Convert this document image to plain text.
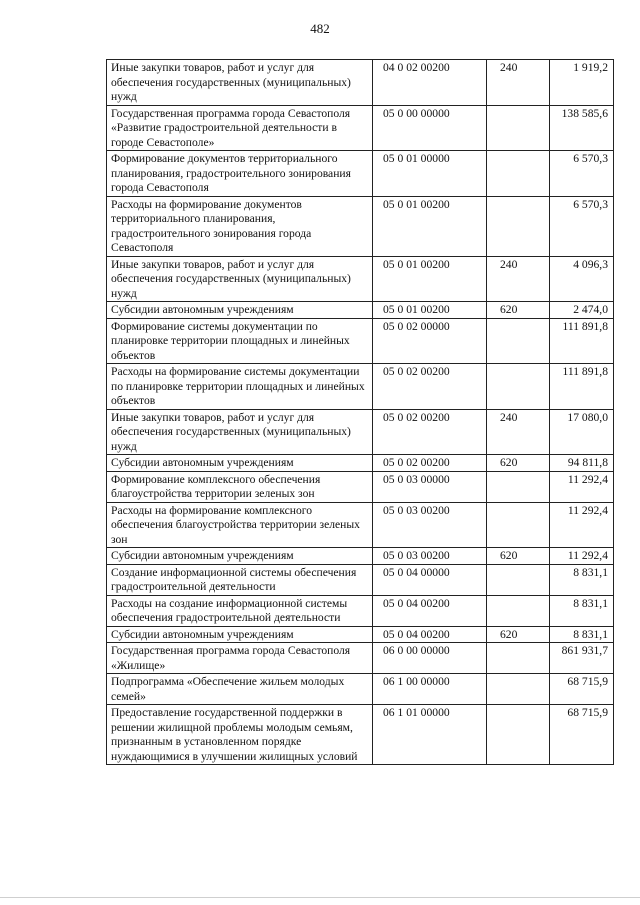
482
Иные закупки товаров, работ и услуг для обеспечения государственных (муниципальных) нужд	04 0 02 00200	240	1 919,2
Государственная программа города Севастополя «Развитие градостроительной деятельности в городе Севастополе»	05 0 00 00000		138 585,6
Формирование документов территориального планирования, градостроительного зонирования города Севастополя	05 0 01 00000		6 570,3
Расходы на формирование документов территориального планирования, градостроительного зонирования города Севастополя	05 0 01 00200		6 570,3
Иные закупки товаров, работ и услуг для обеспечения государственных (муниципальных) нужд	05 0 01 00200	240	4 096,3
Субсидии автономным учреждениям	05 0 01 00200	620	2 474,0
Формирование системы документации по планировке территории площадных и линейных объектов	05 0 02 00000		111 891,8
Расходы на формирование системы документации по планировке территории площадных и линейных объектов	05 0 02 00200		111 891,8
Иные закупки товаров, работ и услуг для обеспечения государственных (муниципальных) нужд	05 0 02 00200	240	17 080,0
Субсидии автономным учреждениям	05 0 02 00200	620	94 811,8
Формирование комплексного обеспечения благоустройства территории зеленых зон	05 0 03 00000		11 292,4
Расходы на формирование комплексного обеспечения благоустройства территории зеленых зон	05 0 03 00200		11 292,4
Субсидии автономным учреждениям	05 0 03 00200	620	11 292,4
Создание информационной системы обеспечения градостроительной деятельности	05 0 04 00000		8 831,1
Расходы на создание информационной системы обеспечения градостроительной деятельности	05 0 04 00200		8 831,1
Субсидии автономным учреждениям	05 0 04 00200	620	8 831,1
Государственная программа города Севастополя «Жилище»	06 0 00 00000		861 931,7
Подпрограмма «Обеспечение жильем молодых семей»	06 1 00 00000		68 715,9
Предоставление государственной поддержки в решении жилищной проблемы молодым семьям, признанным в установленном порядке нуждающимися в улучшении жилищных условий	06 1 01 00000		68 715,9
